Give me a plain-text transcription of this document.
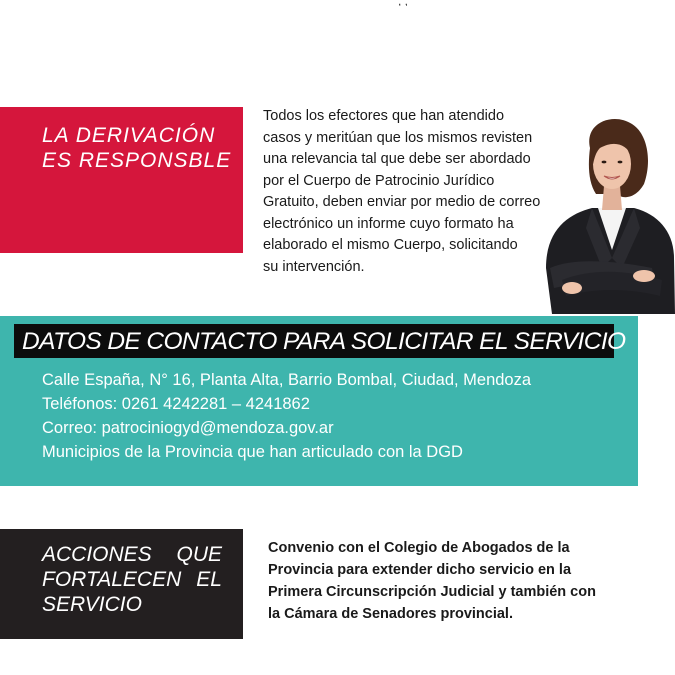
LA DERIVACIÓN
ES RESPONSBLE
Todos los efectores que han atendido
casos y meritúan que los mismos revisten
una relevancia tal que debe ser abordado
por el Cuerpo de Patrocinio Jurídico
Gratuito, deben enviar por medio de correo
electrónico un informe cuyo formato ha
elaborado el mismo Cuerpo, solicitando
su intervención.
DATOS DE CONTACTO PARA SOLICITAR EL SERVICIO
Calle España, N° 16, Planta Alta, Barrio Bombal, Ciudad, Mendoza
Teléfonos: 0261 4242281 – 4241862
Correo: patrociniogyd@mendoza.gov.ar
Municipios de la Provincia que han articulado con la DGD
ACCIONES QUE
FORTALECEN EL
SERVICIO
Convenio con el Colegio de Abogados de la
Provincia para extender dicho servicio en la
Primera Circunscripción Judicial y también con
la Cámara de Senadores provincial.
